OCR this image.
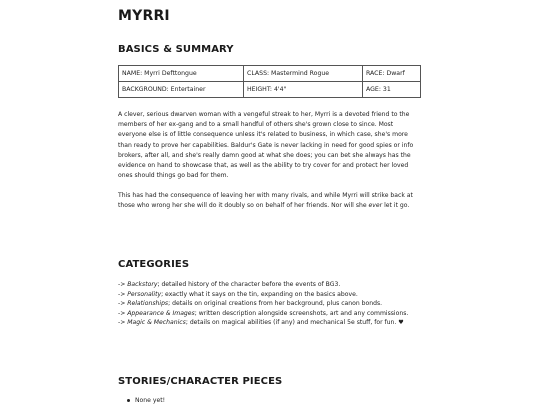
MYRRI
BASICS & SUMMARY
NAME: Myrri Defttongue	CLASS: Mastermind Rogue	RACE: Dwarf
BACKGROUND: Entertainer	HEIGHT: 4'4"	AGE: 31

A clever, serious dwarven woman with a vengeful streak to her, Myrri is a devoted friend to the members of her ex-gang and to a small handful of others she's grown close to since. Most everyone else is of little consequence unless it's related to business, in which case, she's more than ready to prove her capabilities. Baldur's Gate is never lacking in need for good spies or info brokers, after all, and she's really damn good at what she does; you can bet she always has the evidence on hand to showcase that, as well as the ability to try cover for and protect her loved ones should things go bad for them.

This has had the consequence of leaving her with many rivals, and while Myrri will strike back at those who wrong her she will do it doubly so on behalf of her friends. Nor will she ever let it go.

CATEGORIES
-> Backstory; detailed history of the character before the events of BG3.
-> Personality; exactly what it says on the tin, expanding on the basics above.
-> Relationships; details on original creations from her background, plus canon bonds.
-> Appearance & Images; written description alongside screenshots, art and any commissions.
-> Magic & Mechanics; details on magical abilities (if any) and mechanical 5e stuff, for fun. ♥
STORIES/CHARACTER PIECES
None yet!
